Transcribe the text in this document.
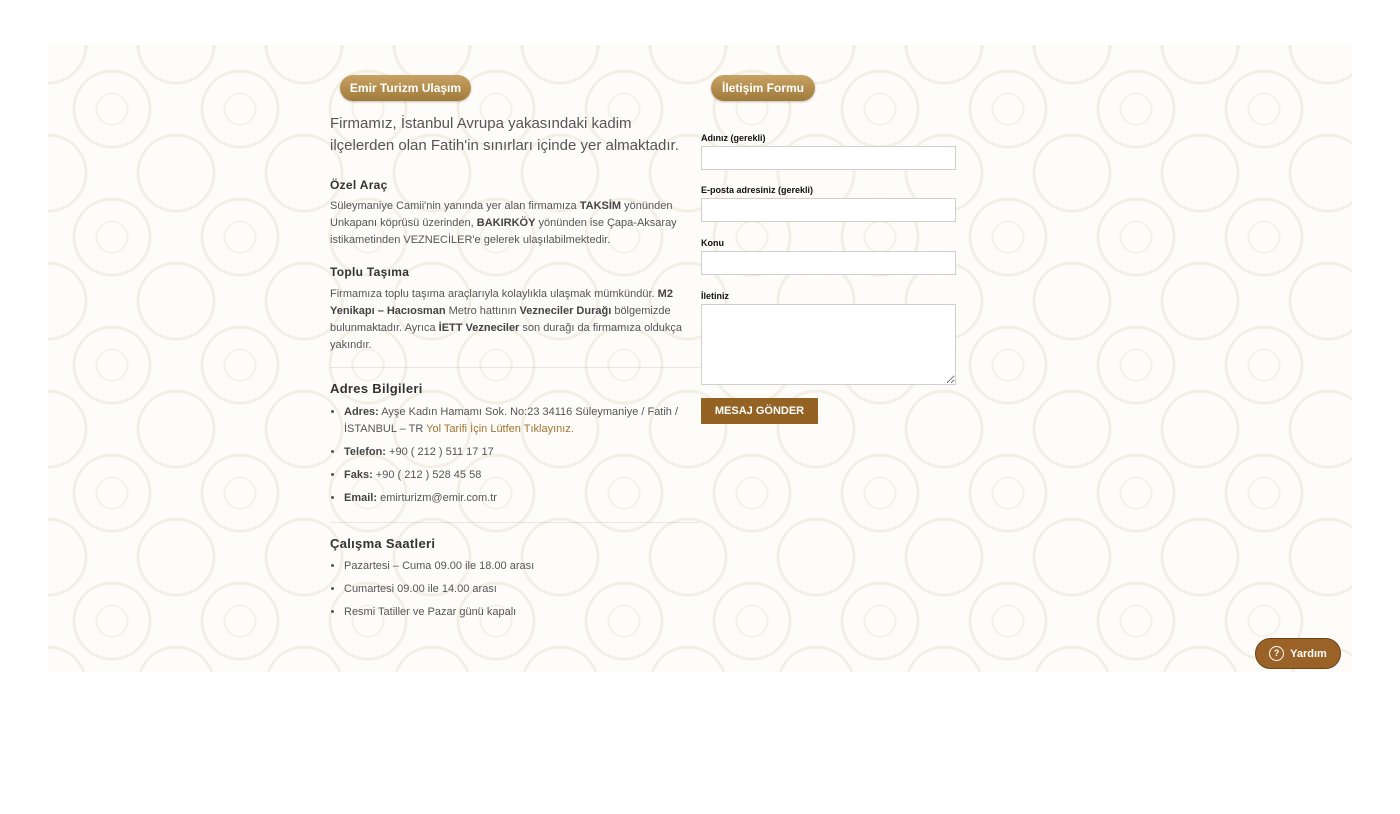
Emir Turizm Ulaşım

Firmamız, İstanbul Avrupa yakasındaki kadim ilçelerden olan Fatih'in sınırları içinde yer almaktadır.

Özel Araç

Süleymaniye Camii'nin yanında yer alan firmamıza TAKSİM yönünden Unkapanı köprüsü üzerinden, BAKIRKÖY yönünden ise Çapa-Aksaray istikametinden VEZNECİLER'e gelerek ulaşılabilmektedir.

Toplu Taşıma

Firmamıza toplu taşıma araçlarıyla kolaylıkla ulaşmak mümkündür. M2 Yenikapı – Hacıosman Metro hattının Vezneciler Durağı bölgemizde bulunmaktadır. Ayrıca İETT Vezneciler son durağı da firmamıza oldukça yakındır.

Adres Bilgileri
• Adres: Ayşe Kadın Hamamı Sok. No:23 34116 Süleymaniye / Fatih / İSTANBUL – TR Yol Tarifi İçin Lütfen Tıklayınız.
• Telefon: +90 ( 212 ) 511 17 17
• Faks: +90 ( 212 ) 528 45 58
• Email: emirturizm@emir.com.tr
Çalışma Saatleri
• Pazartesi – Cuma 09.00 ile 18.00 arası
• Cumartesi 09.00 ile 14.00 arası
• Resmi Tatiller ve Pazar günü kapalı
İletişim Formu
Adınız (gerekli)
E-posta adresiniz (gerekli)
Konu
İletiniz
MESAJ GÖNDER
? Yardım
